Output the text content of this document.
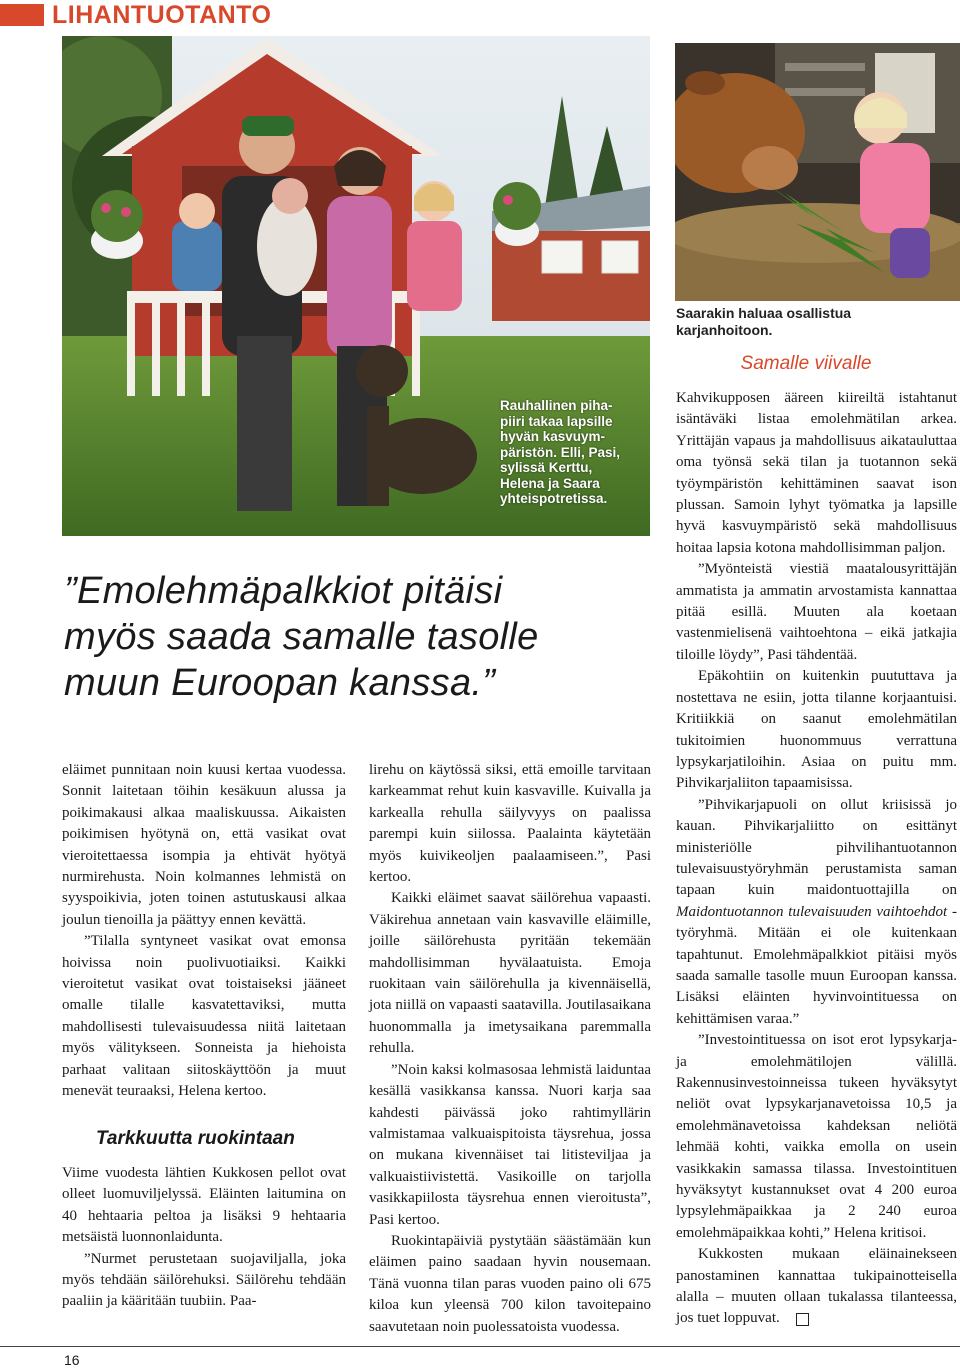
LIHANTUOTANTO
Rauhallinen piha-
piiri takaa lapsille
hyvän kasvuym-
päristön. Elli, Pasi,
sylissä Kerttu,
Helena ja Saara
yhteispotretissa.
Saarakin haluaa osallistua
karjanhoitoon.
”Emolehmäpalkkiot pitäisi
myös saada samalle tasolle
muun Euroopan kanssa.”

eläimet punnitaan noin kuusi kertaa vuodessa. Sonnit laitetaan töihin kesäkuun alussa ja poikimakausi alkaa maaliskuussa. Aikaisten poikimisen hyötynä on, että vasikat ovat vieroitettaessa isompia ja ehtivät hyötyä nurmirehusta. Noin kolmannes lehmistä on syyspoikivia, joten toinen astutuskausi alkaa joulun tienoilla ja päättyy ennen kevättä.

”Tilalla syntyneet vasikat ovat emonsa hoivissa noin puolivuotiaiksi. Kaikki vieroitetut vasikat ovat toistaiseksi jääneet omalle tilalle kasvatettaviksi, mutta mahdollisesti tulevaisuudessa niitä laitetaan myös välitykseen. Sonneista ja hiehoista parhaat valitaan siitoskäyttöön ja muut menevät teuraaksi, Helena kertoo.

Tarkkuutta ruokintaan

Viime vuodesta lähtien Kukkosen pellot ovat olleet luomuviljelyssä. Eläinten laitumina on 40 hehtaaria peltoa ja lisäksi 9 hehtaaria metsäistä luonnonlaidunta.

”Nurmet perustetaan suojaviljalla, joka myös tehdään säilörehuksi. Säilörehu tehdään paaliin ja kääritään tuubiin. Paa-

lirehu on käytössä siksi, että emoille tarvitaan karkeammat rehut kuin kasvaville. Kuivalla ja karkealla rehulla säilyvyys on paalissa parempi kuin siilossa. Paalainta käytetään myös kuivikeoljen paalaamiseen.”, Pasi kertoo.

Kaikki eläimet saavat säilörehua vapaasti. Väkirehua annetaan vain kasvaville eläimille, joille säilörehusta pyritään tekemään mahdollisimman hyvälaatuista. Emoja ruokitaan vain säilörehulla ja kivennäisellä, jota niillä on vapaasti saatavilla. Joutilasaikana huonommalla ja imetysaikana paremmalla rehulla.

”Noin kaksi kolmasosaa lehmistä laiduntaa kesällä vasikkansa kanssa. Nuori karja saa kahdesti päivässä joko rahtimyllärin valmistamaa valkuaispitoista täysrehua, jossa on mukana kivennäiset tai litisteviljaa ja valkuaistiivistettä. Vasikoille on tarjolla vasikkapiilosta täysrehua ennen vieroitusta”, Pasi kertoo.

Ruokintapäiviä pystytään säästämään kun eläimen paino saadaan hyvin nousemaan. Tänä vuonna tilan paras vuoden paino oli 675 kiloa kun yleensä 700 kilon tavoitepaino saavutetaan noin puolessatoista vuodessa.

Samalle viivalle

Kahvikupposen ääreen kiireiltä istahtanut isäntäväki listaa emolehmätilan arkea. Yrittäjän vapaus ja mahdollisuus aikatauluttaa oma työnsä sekä tilan ja tuotannon sekä työympäristön kehittäminen saavat ison plussan. Samoin lyhyt työmatka ja lapsille hyvä kasvuympäristö sekä mahdollisuus hoitaa lapsia kotona mahdollisimman paljon.

”Myönteistä viestiä maatalousyrittäjän ammatista ja ammatin arvostamista kannattaa pitää esillä. Muuten ala koetaan vastenmielisenä vaihtoehtona – eikä jatkajia tiloille löydy”, Pasi tähdentää.

Epäkohtiin on kuitenkin puututtava ja nostettava ne esiin, jotta tilanne korjaantuisi. Kritiikkiä on saanut emolehmätilan tukitoimien huonommuus verrattuna lypsykarjatiloihin. Asiaa on puitu mm. Pihvikarjaliiton tapaamisissa.

”Pihvikarjapuoli on ollut kriisissä jo kauan. Pihvikarjaliitto on esittänyt ministeriölle pihvilihantuotannon tulevaisuustyöryhmän perustamista saman tapaan kuin maidontuottajilla on Maidontuotannon tulevaisuuden vaihtoehdot -työryhmä. Mitään ei ole kuitenkaan tapahtunut. Emolehmäpalkkiot pitäisi myös saada samalle tasolle muun Euroopan kanssa. Lisäksi eläinten hyvinvointituessa on kehittämisen varaa.”

”Investointituessa on isot erot lypsykarja- ja emolehmätilojen välillä. Rakennusinvestoinneissa tukeen hyväksytyt neliöt ovat lypsykarjanavetoissa 10,5 ja emolehmänavetoissa kahdeksan neliötä lehmää kohti, vaikka emolla on usein vasikkakin samassa tilassa. Investointituen hyväksytyt kustannukset ovat 4 200 euroa lypsylehmäpaikkaa ja 2 240 euroa emolehmäpaikkaa kohti,” Helena kritisoi.

Kukkosten mukaan eläinainekseen panostaminen kannattaa tukipainotteisella alalla – muuten ollaan tukalassa tilanteessa, jos tuet loppuvat.

16
